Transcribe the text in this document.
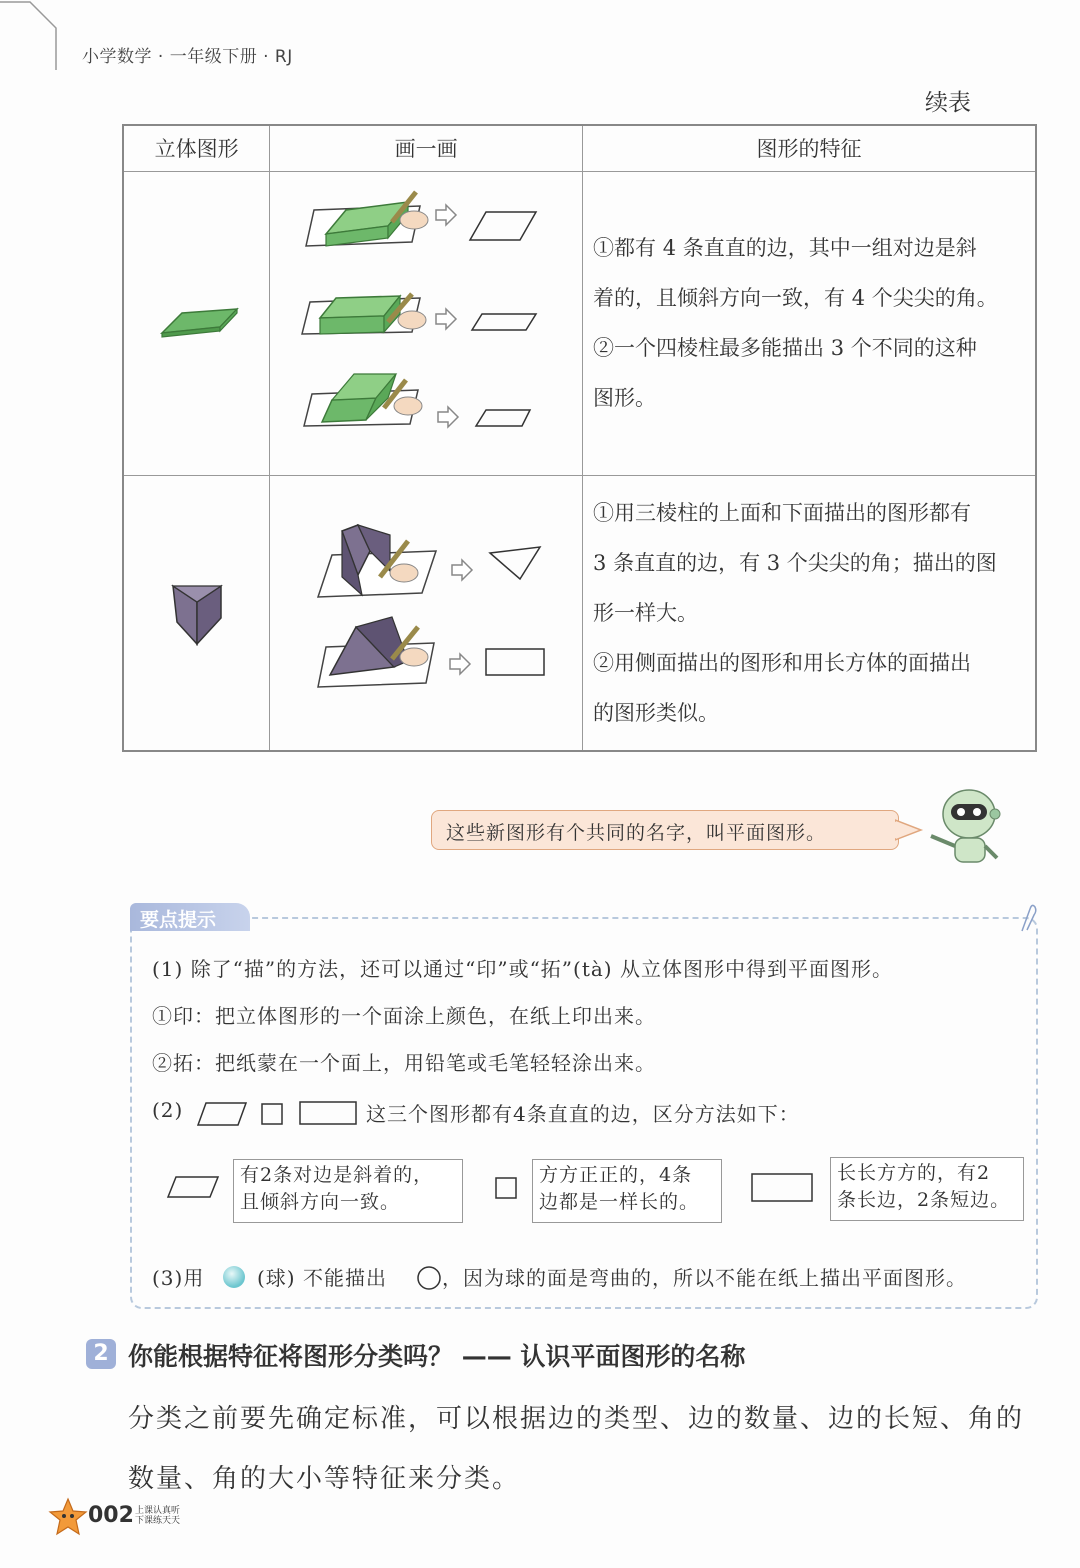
小学数学 · 一年级下册 · RJ
续表
立体图形	画一画	图形的特征

①都有 4 条直直的边，其中一组对边是斜

着的，且倾斜方向一致，有 4 个尖尖的角。

②一个四棱柱最多能描出 3 个不同的这种

图形。

①用三棱柱的上面和下面描出的图形都有

3 条直直的边，有 3 个尖尖的角；描出的图

形一样大。

②用侧面描出的图形和用长方体的面描出

的图形类似。

这些新图形有个共同的名字，叫平面图形。
要点提示
(1) 除了“描”的方法，还可以通过“印”或“拓”(tà) 从立体图形中得到平面图形。
①印：把立体图形的一个面涂上颜色，在纸上印出来。
②拓：把纸蒙在一个面上，用铅笔或毛笔轻轻涂出来。
(2)	这三个图形都有4条直直的边，区分方法如下：
有2条对边是斜着的，
且倾斜方向一致。
方方正正的，4条
边都是一样长的。
长长方方的，有2
条长边，2条短边。
(3)用	(球) 不能描出	，因为球的面是弯曲的，所以不能在纸上描出平面图形。
2 你能根据特征将图形分类吗？ —— 认识平面图形的名称
分类之前要先确定标准，可以根据边的类型、边的数量、边的长短、角的
数量、角的大小等特征来分类。
002 上课认真听
下课练天天
